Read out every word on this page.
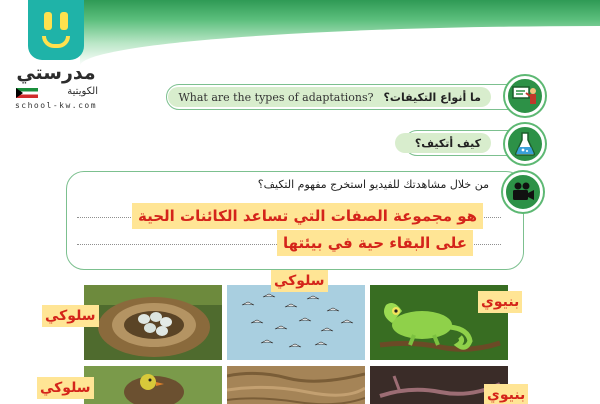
مدرستي
الكويتية
school-kw.com
What are the types of adaptations? ما أنواع التكيفات؟
كيف أتكيف؟
من خلال مشاهدتك للفيديو استخرج مفهوم التكيف؟
هو مجموعة الصفات التي تساعد الكائنات الحية
على البقاء حية في بيئتها
سلوكي
سلوكي
بنيوي
سلوكي	بنيوي
